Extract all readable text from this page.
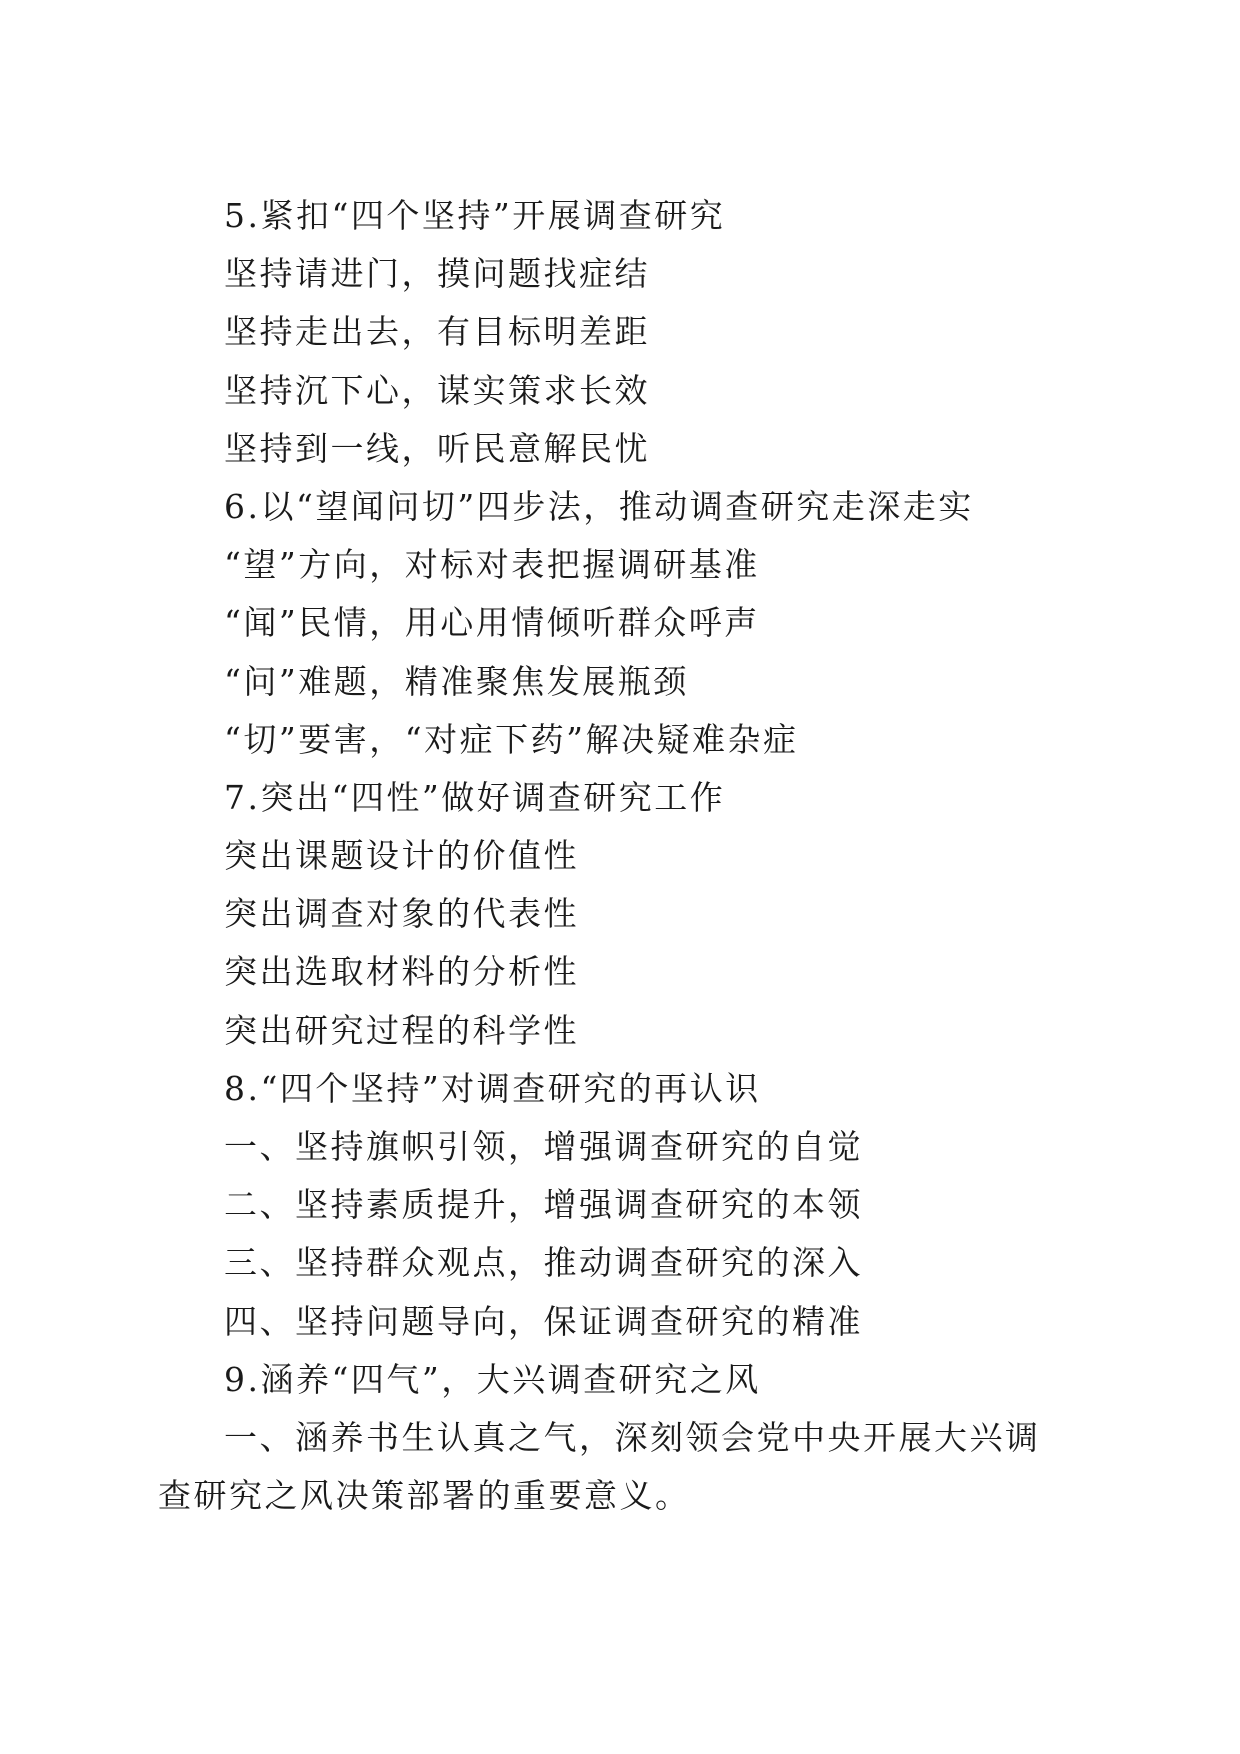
5.紧扣“四个坚持”开展调查研究
坚持请进门，摸问题找症结
坚持走出去，有目标明差距
坚持沉下心，谋实策求长效
坚持到一线，听民意解民忧
6.以“望闻问切”四步法，推动调查研究走深走实
“望”方向，对标对表把握调研基准
“闻”民情，用心用情倾听群众呼声
“问”难题，精准聚焦发展瓶颈
“切”要害，“对症下药”解决疑难杂症
7.突出“四性”做好调查研究工作
突出课题设计的价值性
突出调查对象的代表性
突出选取材料的分析性
突出研究过程的科学性
8.“四个坚持”对调查研究的再认识
一、坚持旗帜引领，增强调查研究的自觉
二、坚持素质提升，增强调查研究的本领
三、坚持群众观点，推动调查研究的深入
四、坚持问题导向，保证调查研究的精准
9.涵养“四气”，大兴调查研究之风
一、涵养书生认真之气，深刻领会党中央开展大兴调查研究之风决策部署的重要意义。
